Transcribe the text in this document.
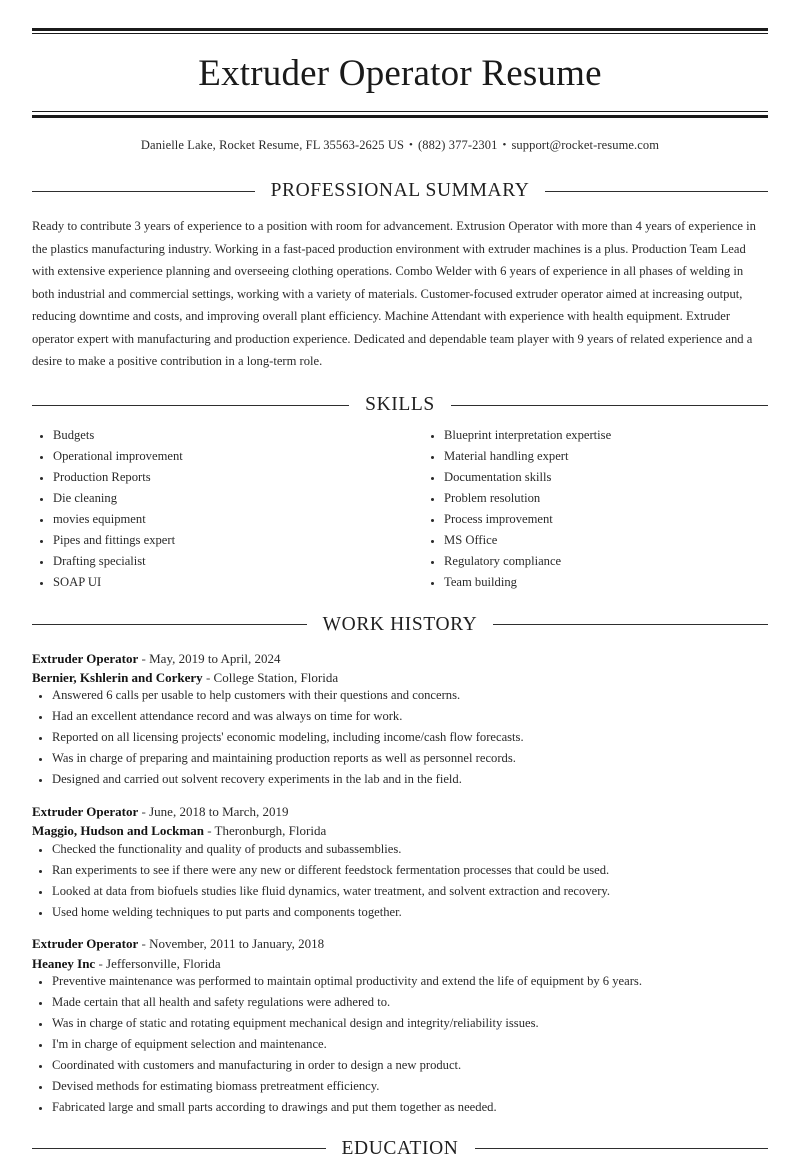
Extruder Operator Resume
Danielle Lake, Rocket Resume, FL 35563-2625 US • (882) 377-2301 • support@rocket-resume.com
PROFESSIONAL SUMMARY

Ready to contribute 3 years of experience to a position with room for advancement. Extrusion Operator with more than 4 years of experience in the plastics manufacturing industry. Working in a fast-paced production environment with extruder machines is a plus. Production Team Lead with extensive experience planning and overseeing clothing operations. Combo Welder with 6 years of experience in all phases of welding in both industrial and commercial settings, working with a variety of materials. Customer-focused extruder operator aimed at increasing output, reducing downtime and costs, and improving overall plant efficiency. Machine Attendant with experience with health equipment. Extruder operator expert with manufacturing and production experience. Dedicated and dependable team player with 9 years of related experience and a desire to make a positive contribution in a long-term role.

SKILLS
Budgets
Operational improvement
Production Reports
Die cleaning
movies equipment
Pipes and fittings expert
Drafting specialist
SOAP UI
Blueprint interpretation expertise
Material handling expert
Documentation skills
Problem resolution
Process improvement
MS Office
Regulatory compliance
Team building
WORK HISTORY
Extruder Operator - May, 2019 to April, 2024
Bernier, Kshlerin and Corkery - College Station, Florida
Answered 6 calls per usable to help customers with their questions and concerns.
Had an excellent attendance record and was always on time for work.
Reported on all licensing projects' economic modeling, including income/cash flow forecasts.
Was in charge of preparing and maintaining production reports as well as personnel records.
Designed and carried out solvent recovery experiments in the lab and in the field.
Extruder Operator - June, 2018 to March, 2019
Maggio, Hudson and Lockman - Theronburgh, Florida
Checked the functionality and quality of products and subassemblies.
Ran experiments to see if there were any new or different feedstock fermentation processes that could be used.
Looked at data from biofuels studies like fluid dynamics, water treatment, and solvent extraction and recovery.
Used home welding techniques to put parts and components together.
Extruder Operator - November, 2011 to January, 2018
Heaney Inc - Jeffersonville, Florida
Preventive maintenance was performed to maintain optimal productivity and extend the life of equipment by 6 years.
Made certain that all health and safety regulations were adhered to.
Was in charge of static and rotating equipment mechanical design and integrity/reliability issues.
I'm in charge of equipment selection and maintenance.
Coordinated with customers and manufacturing in order to design a new product.
Devised methods for estimating biomass pretreatment efficiency.
Fabricated large and small parts according to drawings and put them together as needed.
EDUCATION
